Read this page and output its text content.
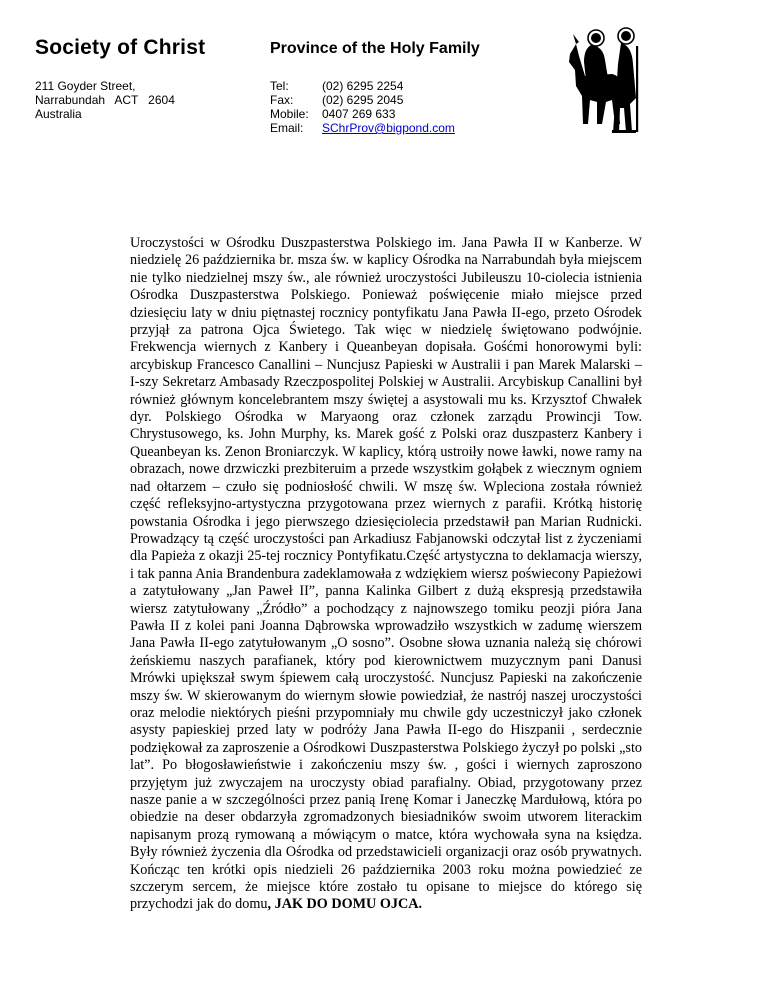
Society of Christ	Province of the Holy Family
211 Goyder Street,
Narrabundah   ACT   2604
Australia
Tel:	(02) 6295 2254
Fax:	(02) 6295 2045
Mobile:	0407 269 633
Email:	SChrProv@bigpond.com

Uroczystości w Ośrodku Duszpasterstwa Polskiego im. Jana Pawła II w Kanberze. W niedzielę 26 października br. msza św. w kaplicy Ośrodka na Narrabundah była miejscem nie tylko niedzielnej mszy św., ale również uroczystości Jubileuszu 10-ciolecia istnienia Ośrodka Duszpasterstwa Polskiego. Ponieważ poświęcenie miało miejsce przed dziesięciu laty w dniu piętnastej rocznicy pontyfikatu Jana Pawła II-ego, przeto Ośrodek przyjął za patrona Ojca Świetego. Tak więc w niedzielę świętowano podwójnie. Frekwencja wiernych z Kanbery i Queanbeyan dopisała. Gośćmi honorowymi byli: arcybiskup Francesco Canallini – Nuncjusz Papieski w Australii i pan Marek Malarski – I-szy Sekretarz Ambasady Rzeczpospolitej Polskiej w Australii. Arcybiskup Canallini był również głównym koncelebrantem mszy świętej a asystowali mu ks. Krzysztof Chwałek dyr. Polskiego Ośrodka w Maryaong oraz członek zarządu Prowincji Tow. Chrystusowego, ks. John Murphy, ks. Marek gość z Polski oraz duszpasterz Kanbery i Queanbeyan ks. Zenon Broniarczyk. W kaplicy, którą ustroiły nowe ławki, nowe ramy na obrazach, nowe drzwiczki prezbiteruim a przede wszystkim gołąbek z wiecznym ogniem nad ołtarzem – czuło się podniosłość chwili. W mszę św. Wpleciona została również część refleksyjno-artystyczna przygotowana przez wiernych z parafii. Krótką historię powstania Ośrodka i jego pierwszego dziesięciolecia przedstawił pan Marian Rudnicki. Prowadzący tą część uroczystości pan Arkadiusz Fabjanowski odczytał list z życzeniami dla Papieża z okazji 25-tej rocznicy Pontyfikatu.Część artystyczna to deklamacja wierszy, i tak panna Ania Brandenbura zadeklamowała z wdziękiem wiersz poświecony Papieżowi a zatytułowany „Jan Paweł II”, panna Kalinka Gilbert z dużą ekspresją przedstawiła wiersz zatytułowany „Źródło” a pochodzący z najnowszego tomiku peozji pióra Jana Pawła II z kolei pani Joanna Dąbrowska wprowadziło wszystkich w zadumę wierszem Jana Pawła II-ego zatytułowanym „O sosno”. Osobne słowa uznania należą się chórowi żeńskiemu naszych parafianek, który pod kierownictwem muzycznym pani Danusi Mrówki upiększał swym śpiewem całą uroczystość. Nuncjusz Papieski na zakończenie mszy św. W skierowanym do wiernym słowie powiedział, że nastrój naszej uroczystości oraz melodie niektórych pieśni przypomniały mu chwile gdy uczestniczył jako członek asysty papieskiej przed laty w podróży Jana Pawła II-ego do Hiszpanii , serdecznie podziękował za zaproszenie a Ośrodkowi Duszpasterstwa Polskiego życzył po polski „sto lat”. Po błogosławieństwie i zakończeniu mszy św. , gości i wiernych zaproszono przyjętym już zwyczajem na uroczysty obiad parafialny. Obiad, przygotowany przez nasze panie a w szczególności przez panią Irenę Komar i Janeczkę Mardułową, która po obiedzie na deser obdarzyła zgromadzonych biesiadników swoim utworem literackim napisanym prozą rymowaną a mówiącym o matce, która wychowała syna na księdza. Były również życzenia dla Ośrodka od przedstawicieli organizacji oraz osób prywatnych. Kończąc ten krótki opis niedzieli 26 października 2003 roku można powiedzieć ze szczerym sercem, że miejsce które zostało tu opisane to miejsce do którego się przychodzi jak do domu, JAK DO DOMU OJCA.
